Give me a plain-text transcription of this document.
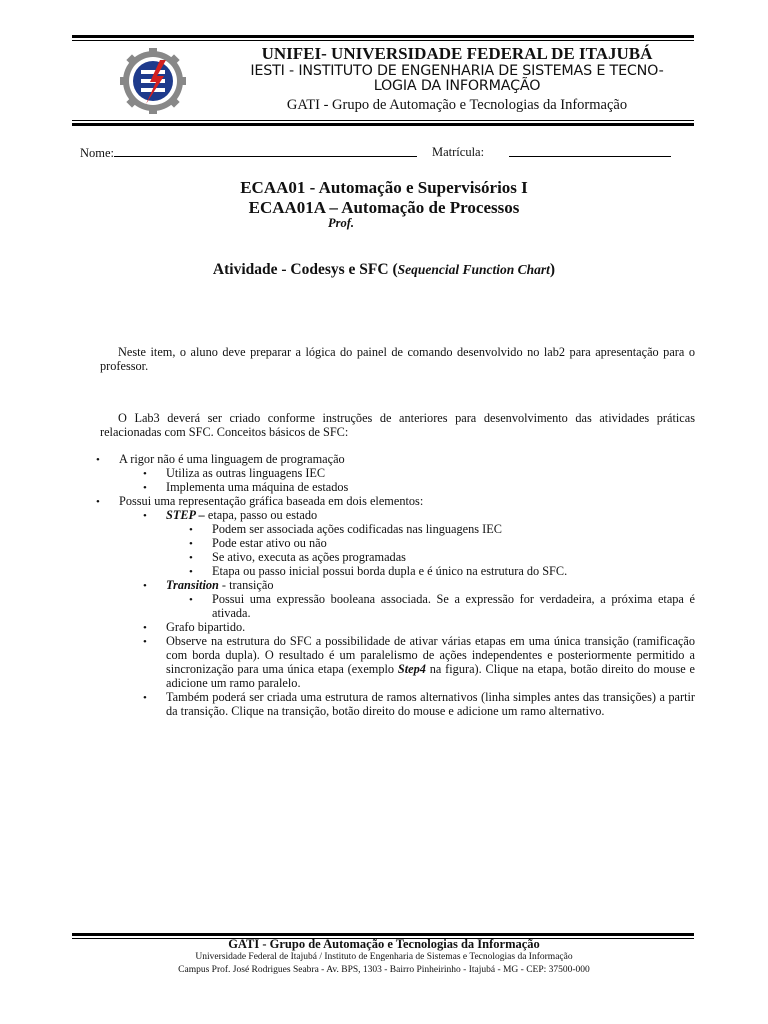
UNIFEI- UNIVERSIDADE FEDERAL DE ITAJUBÁ
IESTI - INSTITUTO DE ENGENHARIA DE SISTEMAS E TECNO-
LOGIA DA INFORMAÇÃO
GATI - Grupo de Automação e Tecnologias da Informação
Nome:	Matrícula:
ECAA01 - Automação e Supervisórios I
ECAA01A – Automação de Processos
Prof.
Atividade - Codesys e SFC (Sequencial Function Chart)
Neste item, o aluno deve preparar a lógica do painel de comando desenvolvido no lab2 para apresentação para o professor.
O Lab3 deverá ser criado conforme instruções de anteriores para desenvolvimento das atividades práticas relacionadas com SFC. Conceitos básicos de SFC:
• A rigor não é uma linguagem de programação
• Utiliza as outras linguagens IEC
• Implementa uma máquina de estados
• Possui uma representação gráfica baseada em dois elementos:
• STEP – etapa, passo ou estado
• Podem ser associada ações codificadas nas linguagens IEC
• Pode estar ativo ou não
• Se ativo, executa as ações programadas
• Etapa ou passo inicial possui borda dupla e é único na estrutura do SFC.
• Transition - transição
• Possui uma expressão booleana associada. Se a expressão for verdadeira, a próxima etapa é ativada.
• Grafo bipartido.
• Observe na estrutura do SFC a possibilidade de ativar várias etapas em uma única transição (ramificação com borda dupla). O resultado é um paralelismo de ações independentes e posteriormente permitido a sincronização para uma única etapa (exemplo Step4 na figura). Clique na etapa, botão direito do mouse e adicione um ramo paralelo.
• Também poderá ser criada uma estrutura de ramos alternativos (linha simples antes das transições) a partir da transição. Clique na transição, botão direito do mouse e adicione um ramo alternativo.
GATI - Grupo de Automação e Tecnologias da Informação
Universidade Federal de Itajubá / Instituto de Engenharia de Sistemas e Tecnologias da Informação
Campus Prof. José Rodrigues Seabra - Av. BPS, 1303 - Bairro Pinheirinho - Itajubá - MG - CEP: 37500-000
